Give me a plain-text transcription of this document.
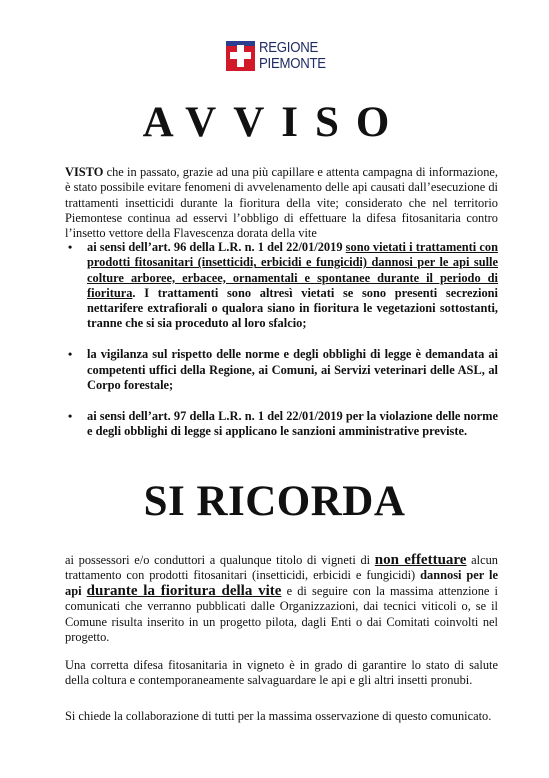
REGIONE
PIEMONTE
AVVISO
VISTO che in passato, grazie ad una più capillare e attenta campagna di informazione, è stato possibile evitare fenomeni di avvelenamento delle api causati dall’esecuzione di trattamenti insetticidi durante la fioritura della vite; considerato che nel territorio Piemontese continua ad esservi l’obbligo di effettuare la difesa fitosanitaria contro l’insetto vettore della Flavescenza dorata della vite
• ai sensi dell’art. 96 della L.R. n. 1 del 22/01/2019 sono vietati i trattamenti con prodotti fitosanitari (insetticidi, erbicidi e fungicidi) dannosi per le api sulle colture arboree, erbacee, ornamentali e spontanee durante il periodo di fioritura. I trattamenti sono altresì vietati se sono presenti secrezioni nettarifere extrafiorali o qualora siano in fioritura le vegetazioni sottostanti, tranne che si sia proceduto al loro sfalcio;
• la vigilanza sul rispetto delle norme e degli obblighi di legge è demandata ai competenti uffici della Regione, ai Comuni, ai Servizi veterinari delle ASL, al Corpo forestale;
• ai sensi dell’art. 97 della L.R. n. 1 del 22/01/2019 per la violazione delle norme e degli obblighi di legge si applicano le sanzioni amministrative previste.
SI RICORDA
ai possessori e/o conduttori a qualunque titolo di vigneti di non effettuare alcun trattamento con prodotti fitosanitari (insetticidi, erbicidi e fungicidi) dannosi per le api durante la fioritura della vite e di seguire con la massima attenzione i comunicati che verranno pubblicati dalle Organizzazioni, dai tecnici viticoli o, se il Comune risulta inserito in un progetto pilota, dagli Enti o dai Comitati coinvolti nel progetto.
Una corretta difesa fitosanitaria in vigneto è in grado di garantire lo stato di salute della coltura e contemporaneamente salvaguardare le api e gli altri insetti pronubi.
Si chiede la collaborazione di tutti per la massima osservazione di questo comunicato.
